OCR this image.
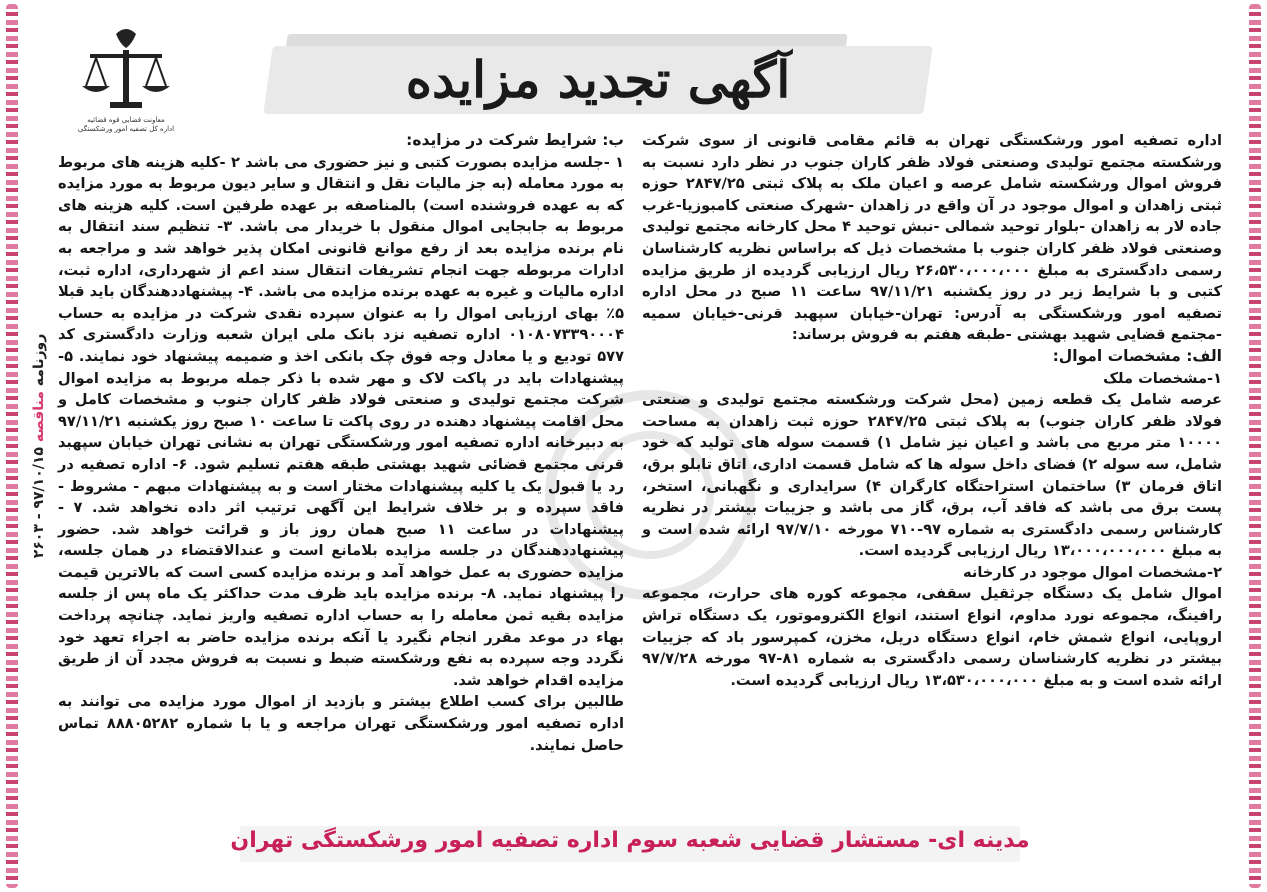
روزنامه مناقصه ۹۷/۱۰/۱۵ - ۲۶۰۳
معاونت قضایی قوه قضائیه
اداره کل تصفیه امور ورشکستگی
آگهی تجدید مزایده

اداره تصفیه امور ورشکستگی تهران به قائم مقامی قانونی از سوی شرکت ورشکسته مجتمع تولیدی وصنعتی فولاد ظفر کاران جنوب در نظر دارد نسبت به فروش اموال ورشکسته شامل عرصه و اعیان ملک به پلاک ثبتی ۲۸۴۷/۲۵ حوزه ثبتی زاهدان و اموال موجود در آن واقع در زاهدان -شهرک صنعتی کامبوزیا-غرب جاده لار به زاهدان -بلوار توحید شمالی -نبش توحید ۴ محل کارخانه مجتمع تولیدی وصنعتی فولاد ظفر کاران جنوب با مشخصات ذیل که براساس نظریه کارشناسان رسمی دادگستری به مبلغ ۲۶،۵۳۰،۰۰۰،۰۰۰ ریال ارزیابی گردیده از طریق مزایده کتبی و با شرایط زیر در روز یکشنبه ۹۷/۱۱/۲۱ ساعت ۱۱ صبح در محل اداره تصفیه امور ورشکستگی به آدرس: تهران-خیابان سپهبد قرنی-خیابان سمیه -مجتمع قضایی شهید بهشتی -طبقه هفتم به فروش برساند:

الف: مشخصات اموال:

۱-مشخصات ملک

عرصه شامل یک قطعه زمین (محل شرکت ورشکسته مجتمع تولیدی و صنعتی فولاد ظفر کاران جنوب) به پلاک ثبتی ۲۸۴۷/۲۵ حوزه ثبت زاهدان به مساحت ۱۰۰۰۰ متر مربع می باشد و اعیان نیز شامل ۱) قسمت سوله های تولید که خود شامل، سه سوله ۲) فضای داخل سوله ها که شامل قسمت اداری، اتاق تابلو برق، اتاق فرمان ۳) ساختمان استراحتگاه کارگران ۴) سرایداری و نگهبانی، استخر، پست برق می باشد که فاقد آب، برق، گاز می باشد و جزییات بیشتر در نظریه کارشناس رسمی دادگستری به شماره ۹۷-۷۱۰ مورخه ۹۷/۷/۱۰ ارائه شده است و به مبلغ ۱۳،۰۰۰،۰۰۰،۰۰۰ ریال ارزیابی گردیده است.

۲-مشخصات اموال موجود در کارخانه

اموال شامل یک دستگاه جرثقیل سقفی، مجموعه کوره های حرارت، مجموعه رافینگ، مجموعه نورد مداوم، انواع استند، انواع الکتروموتور، یک دستگاه تراش اروپایی، انواع شمش خام، انواع دستگاه دریل، مخزن، کمپرسور باد که جزییات بیشتر در نظریه کارشناسان رسمی دادگستری به شماره ۸۱-۹۷ مورخه ۹۷/۷/۲۸ ارائه شده است و به مبلغ ۱۳،۵۳۰،۰۰۰،۰۰۰ ریال ارزیابی گردیده است.

ب: شرایط شرکت در مزایده:

۱ -جلسه مزایده بصورت کتبی و نیز حضوری می باشد ۲ -کلیه هزینه های مربوط به مورد معامله (به جز مالیات نقل و انتقال و سایر دیون مربوط به مورد مزایده که به عهده فروشنده است) بالمناصفه بر عهده طرفین است. کلیه هزینه های مربوط به جابجایی اموال منقول با خریدار می باشد. ۳- تنظیم سند انتقال به نام برنده مزایده بعد از رفع موانع قانونی امکان پذیر خواهد شد و مراجعه به ادارات مربوطه جهت انجام تشریفات انتقال سند اعم از شهرداری، اداره ثبت، اداره مالیات و غیره به عهده برنده مزایده می باشد. ۴- پیشنهاددهندگان باید قبلا ۵٪ بهای ارزیابی اموال را به عنوان سپرده نقدی شرکت در مزایده به حساب ۰۱۰۸۰۷۳۳۹۰۰۰۴ اداره تصفیه نزد بانک ملی ایران شعبه وزارت دادگستری کد ۵۷۷ تودیع و یا معادل وجه فوق چک بانکی اخذ و ضمیمه پیشنهاد خود نمایند. ۵- پیشنهادات باید در پاکت لاک و مهر شده با ذکر جمله مربوط به مزایده اموال شرکت مجتمع تولیدی و صنعتی فولاد ظفر کاران جنوب و مشخصات کامل و محل اقامت پیشنهاد دهنده در روی پاکت تا ساعت ۱۰ صبح روز یکشنبه ۹۷/۱۱/۲۱ به دبیرخانه اداره تصفیه امور ورشکستگی تهران به نشانی تهران خیابان سپهبد قرنی مجتمع قضائی شهید بهشتی طبقه هفتم تسلیم شود. ۶- اداره تصفیه در رد یا قبول یک یا کلیه پیشنهادات مختار است و به پیشنهادات مبهم - مشروط - فاقد سپرده و بر خلاف شرایط این آگهی ترتیب اثر داده نخواهد شد. ۷ - پیشنهادات در ساعت ۱۱ صبح همان روز باز و قرائت خواهد شد. حضور پیشنهاددهندگان در جلسه مزایده بلامانع است و عندالاقتضاء در همان جلسه، مزایده حضوری به عمل خواهد آمد و برنده مزایده کسی است که بالاترین قیمت را پیشنهاد نماید. ۸- برنده مزایده باید ظرف مدت حداکثر یک ماه پس از جلسه مزایده بقیه ثمن معامله را به حساب اداره تصفیه واریز نماید. چنانچه پرداخت بهاء در موعد مقرر انجام نگیرد یا آنکه برنده مزایده حاضر به اجراء تعهد خود نگردد وجه سپرده به نفع ورشکسته ضبط و نسبت به فروش مجدد آن از طریق مزایده اقدام خواهد شد.

طالبین برای کسب اطلاع بیشتر و بازدید از اموال مورد مزایده می توانند به اداره تصفیه امور ورشکستگی تهران مراجعه و یا با شماره ۸۸۸۰۵۲۸۲ تماس حاصل نمایند.

مدینه ای- مستشار قضایی شعبه سوم اداره تصفیه امور ورشکستگی تهران
